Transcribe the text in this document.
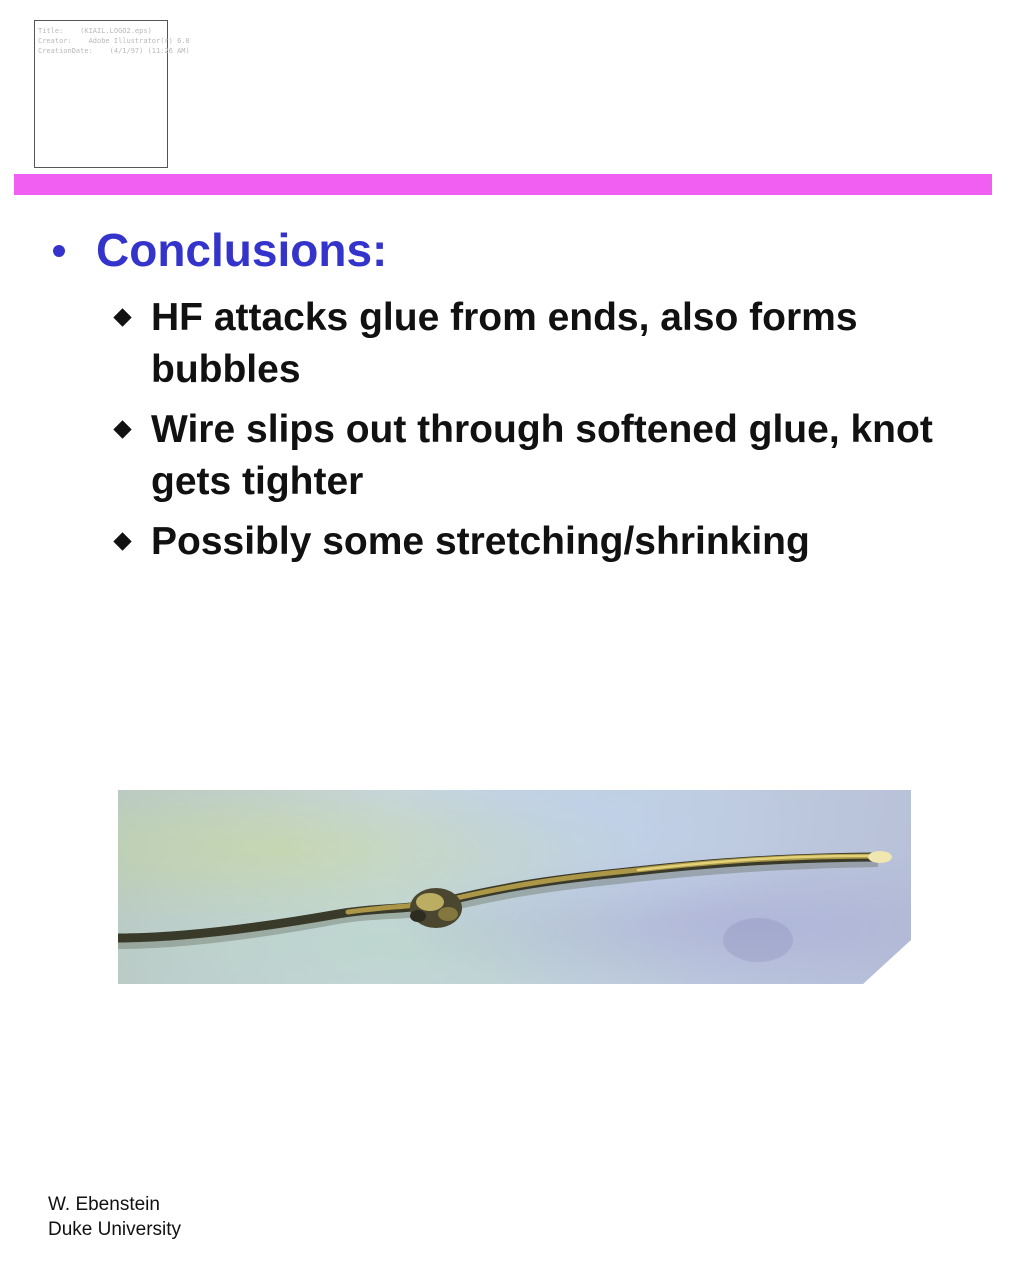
Title:    (KIAIL.LOGO2.eps)
Creator:    Adobe Illustrator(r) 6.0
CreationDate:    (4/1/97) (11:26 AM)
Conclusions:
HF attacks glue from ends, also forms bubbles
Wire slips out through softened glue, knot gets tighter
Possibly some stretching/shrinking
W. Ebenstein
Duke University
